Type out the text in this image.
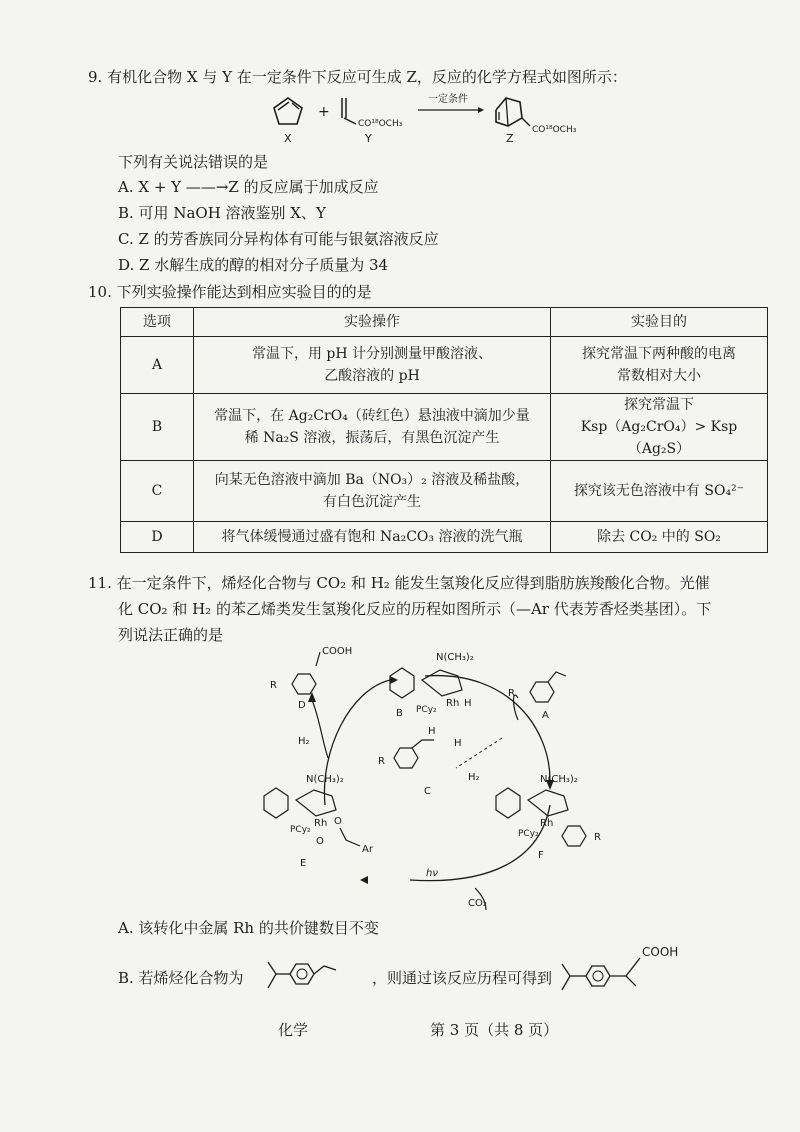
9. 有机化合物 X 与 Y 在一定条件下反应可生成 Z，反应的化学方程式如图所示：
X
+
CO¹⁸OCH₃
Y
一定条件
CO¹⁸OCH₃
Z
下列有关说法错误的是
A. X + Y ——→Z 的反应属于加成反应
B. 可用 NaOH 溶液鉴别 X、Y
C. Z 的芳香族同分异构体有可能与银氨溶液反应
D. Z 水解生成的醇的相对分子质量为 34
10. 下列实验操作能达到相应实验目的的是
选项	实验操作	实验目的
A	常温下，用 pH 计分别测量甲酸溶液、
乙酸溶液的 pH	探究常温下两种酸的电离
常数相对大小

B	常温下，在 Ag₂CrO₄（砖红色）悬浊液中滴加少量
稀 Na₂S 溶液，振荡后，有黑色沉淀产生	探究常温下
Ksp（Ag₂CrO₄）> Ksp（Ag₂S）

C	向某无色溶液中滴加 Ba（NO₃）₂ 溶液及稀盐酸，
有白色沉淀产生	探究该无色溶液中有 SO₄²⁻

D	将气体缓慢通过盛有饱和 Na₂CO₃ 溶液的洗气瓶	除去 CO₂ 中的 SO₂
11. 在一定条件下，烯烃化合物与 CO₂ 和 H₂ 能发生氢羧化反应得到脂肪族羧酸化合物。光催
化 CO₂ 和 H₂ 的苯乙烯类发生氢羧化反应的历程如图所示（—Ar 代表芳香烃类基团）。下
列说法正确的是
COOH
R
D
N(CH₃)₂
PCy₂
Rh H
B
R
A
H₂
H₂
H
H
R
C
N(CH₃)₂
PCy₂
Rh O
O
Ar
E
N(CH₃)₂
PCy₂
Rh
R
F
hν
CO₂
A. 该转化中金属 Rh 的共价键数目不变
B. 若烯烃化合物为	，则通过该反应历程可得到
COOH
化学	第 3 页（共 8 页）
